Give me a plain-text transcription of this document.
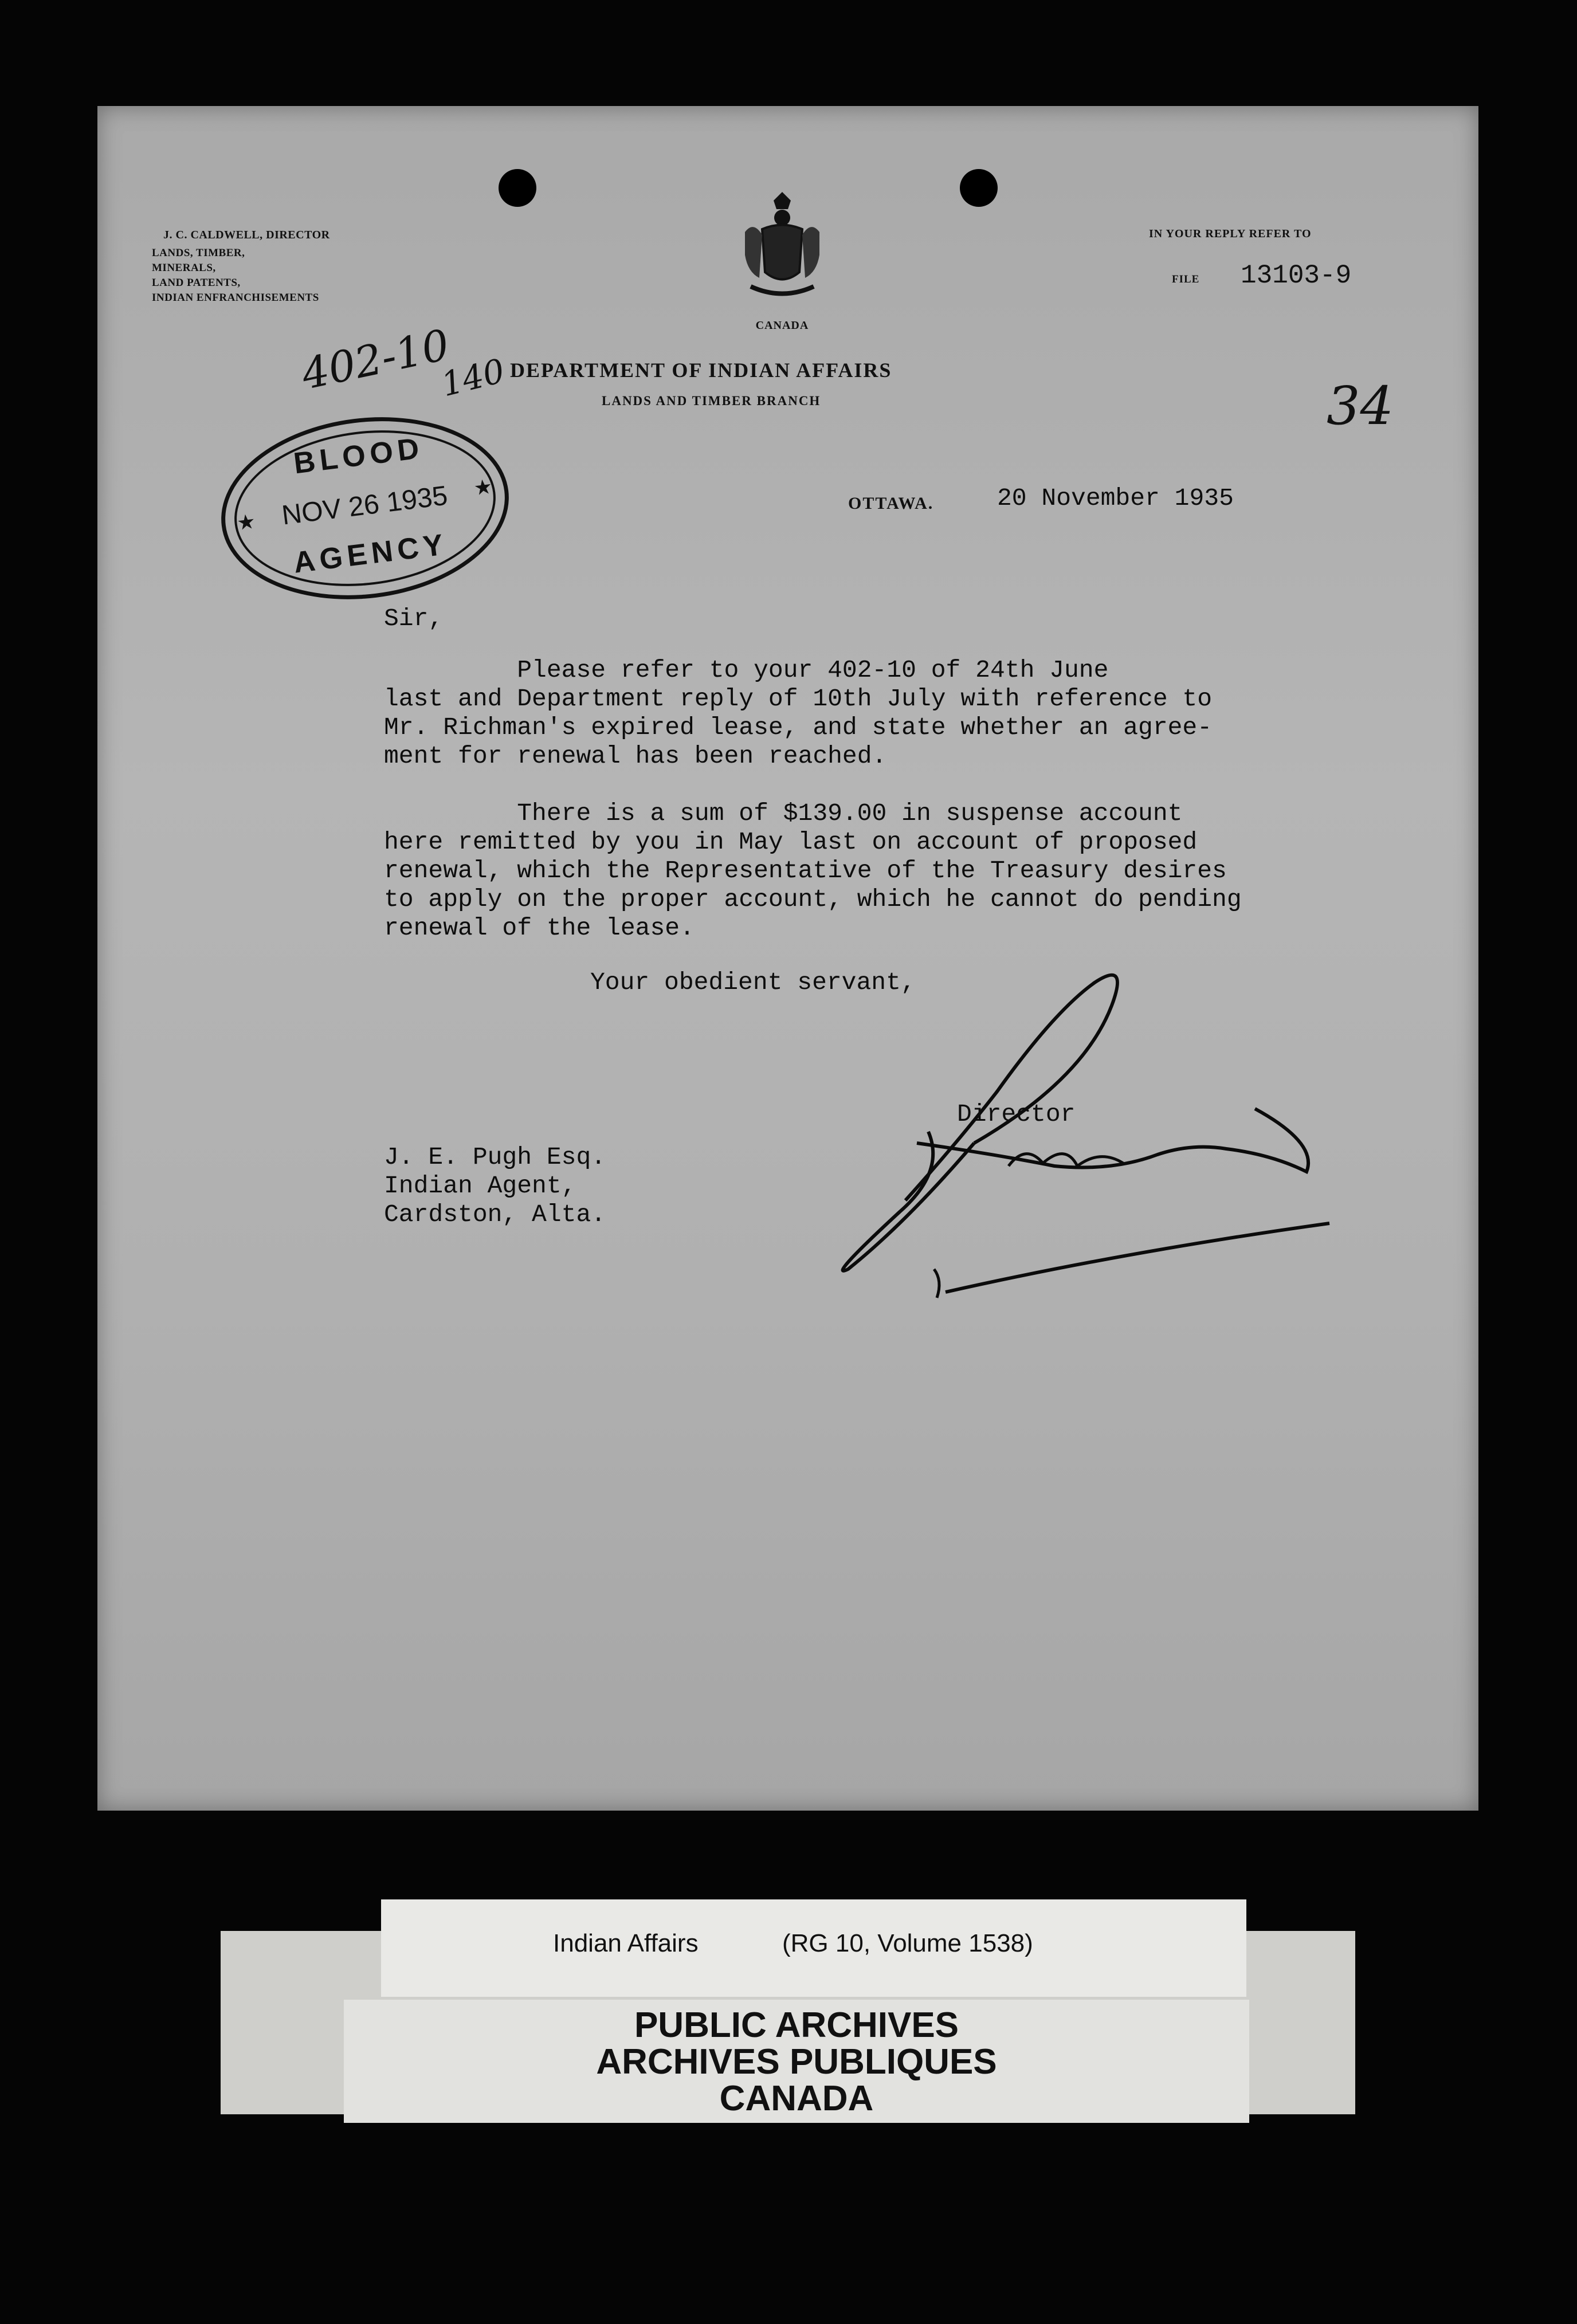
J. C. CALDWELL, DIRECTOR
LANDS, TIMBER,
MINERALS,
LAND PATENTS,
INDIAN ENFRANCHISEMENTS
CANADA
IN YOUR REPLY REFER TO
FILE 13103-9
402-10
140 DEPARTMENT OF INDIAN AFFAIRS
LANDS AND TIMBER BRANCH	34
OTTAWA.	20 November 1935
Sir,
Please refer to your 402-10 of 24th June
last and Department reply of 10th July with reference to
Mr. Richman's expired lease, and state whether an agree-
ment for renewal has been reached.
There is a sum of $139.00 in suspense account
here remitted by you in May last on account of proposed
renewal, which the Representative of the Treasury desires
to apply on the proper account, which he cannot do pending
renewal of the lease.
Your obedient servant,
Director
J. E. Pugh Esq.
Indian Agent,
Cardston, Alta.
BLOOD
NOV 26 1935
AGENCY
★
★
Indian Affairs	(RG 10, Volume 1538)
PUBLIC ARCHIVES
ARCHIVES PUBLIQUES
CANADA
